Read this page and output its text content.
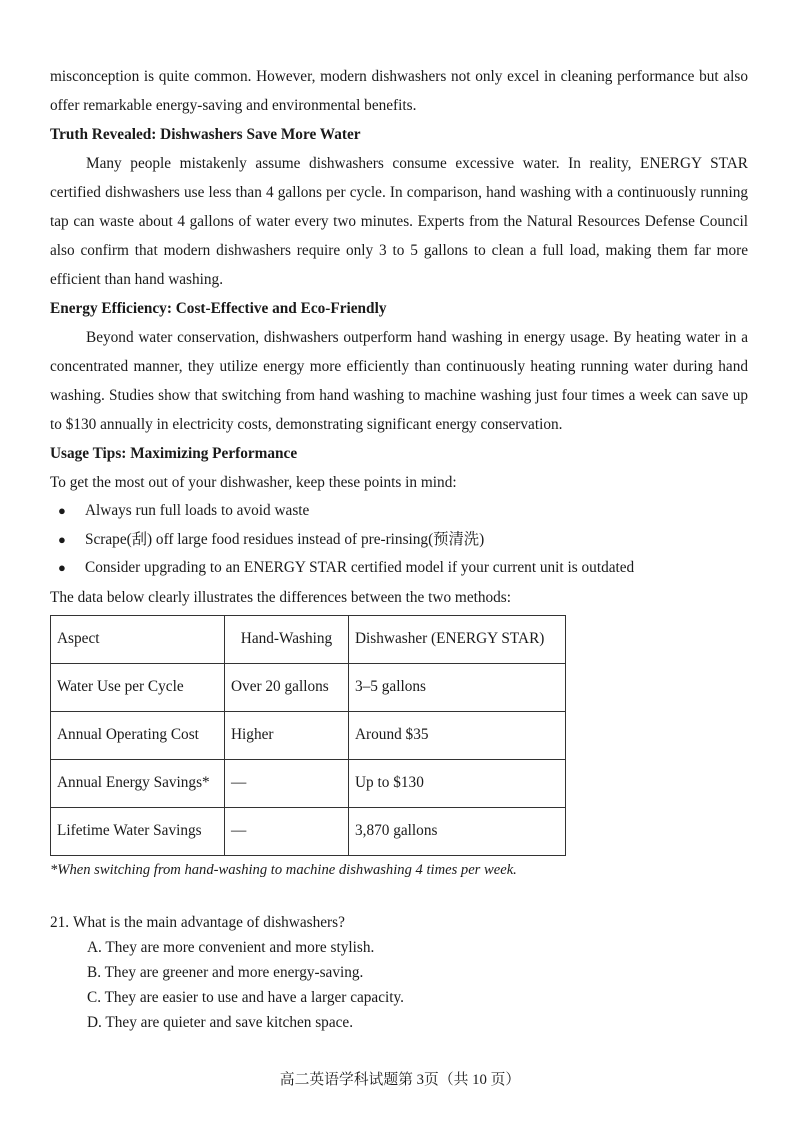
misconception is quite common. However, modern dishwashers not only excel in cleaning performance but also offer remarkable energy-saving and environmental benefits.

Truth Revealed: Dishwashers Save More Water

Many people mistakenly assume dishwashers consume excessive water. In reality, ENERGY STAR certified dishwashers use less than 4 gallons per cycle. In comparison, hand washing with a continuously running tap can waste about 4 gallons of water every two minutes. Experts from the Natural Resources Defense Council also confirm that modern dishwashers require only 3 to 5 gallons to clean a full load, making them far more efficient than hand washing.

Energy Efficiency: Cost-Effective and Eco-Friendly

Beyond water conservation, dishwashers outperform hand washing in energy usage. By heating water in a concentrated manner, they utilize energy more efficiently than continuously heating running water during hand washing. Studies show that switching from hand washing to machine washing just four times a week can save up to $130 annually in electricity costs, demonstrating significant energy conservation.

Usage Tips: Maximizing Performance

To get the most out of your dishwasher, keep these points in mind:

● Always run full loads to avoid waste
● Scrape(刮) off large food residues instead of pre-rinsing(预清洗)
● Consider upgrading to an ENERGY STAR certified model if your current unit is outdated

The data below clearly illustrates the differences between the two methods:

Aspect	Hand-Washing	Dishwasher (ENERGY STAR)
Water Use per Cycle	Over 20 gallons	3–5 gallons
Annual Operating Cost	Higher	Around $35
Annual Energy Savings*	—	Up to $130
Lifetime Water Savings	—	3,870 gallons

*When switching from hand-washing to machine dishwashing 4 times per week.

21. What is the main advantage of dishwashers?
A. They are more convenient and more stylish.
B. They are greener and more energy-saving.
C. They are easier to use and have a larger capacity.
D. They are quieter and save kitchen space.
高二英语学科试题第 3页（共 10 页）
